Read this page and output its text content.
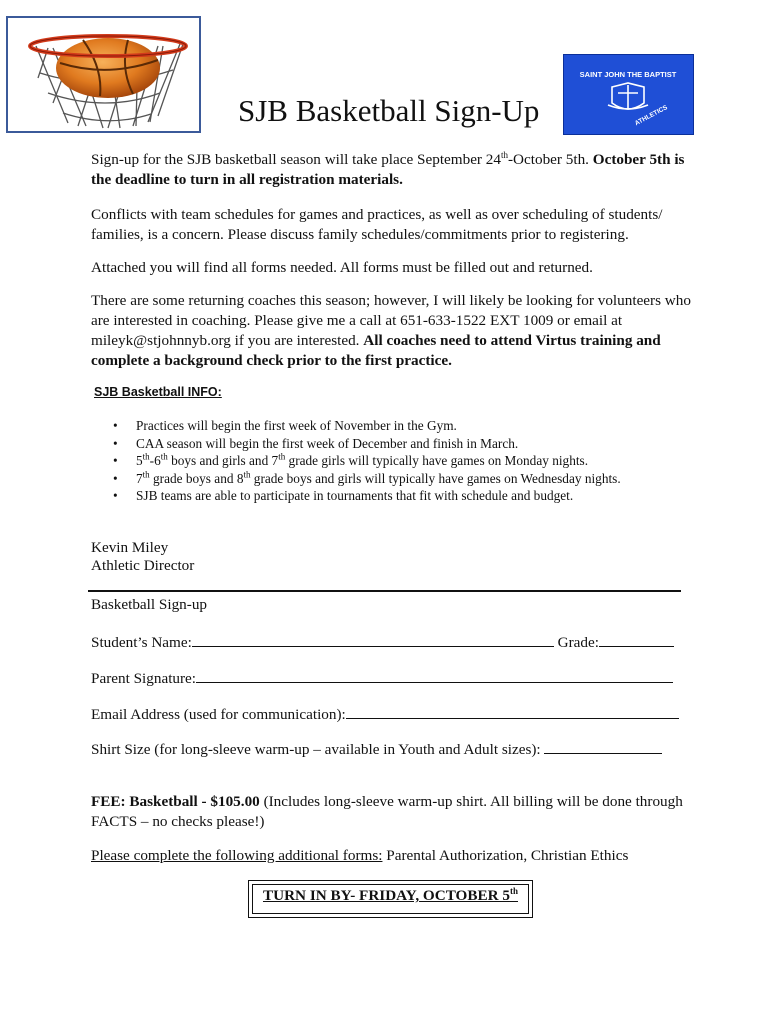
SAINT JOHN THE BAPTIST
ATHLETICS
SJB Basketball Sign-Up
Sign-up for the SJB basketball season will take place September 24th-October 5th. October 5th is the deadline to turn in all registration materials.
Conflicts with team schedules for games and practices, as well as over scheduling of students/ families, is a concern. Please discuss family schedules/commitments prior to registering.
Attached you will find all forms needed. All forms must be filled out and returned.
There are some returning coaches this season; however, I will likely be looking for volunteers who are interested in coaching. Please give me a call at 651-633-1522 EXT 1009 or email at mileyk@stjohnnyb.org if you are interested. All coaches need to attend Virtus training and complete a background check prior to the first practice.
SJB Basketball INFO:
• Practices will begin the first week of November in the Gym.
• CAA season will begin the first week of December and finish in March.
• 5th-6th boys and girls and 7th grade girls will typically have games on Monday nights.
• 7th grade boys and 8th grade boys and girls will typically have games on Wednesday nights.
• SJB teams are able to participate in tournaments that fit with schedule and budget.
Kevin Miley
Athletic Director
Basketball Sign-up
Student’s Name:	Grade:
Parent Signature:
Email Address (used for communication):
Shirt Size (for long-sleeve warm-up – available in Youth and Adult sizes):
FEE: Basketball - $105.00 (Includes long-sleeve warm-up shirt. All billing will be done through FACTS – no checks please!)
Please complete the following additional forms: Parental Authorization, Christian Ethics
TURN IN BY- FRIDAY, OCTOBER 5th
